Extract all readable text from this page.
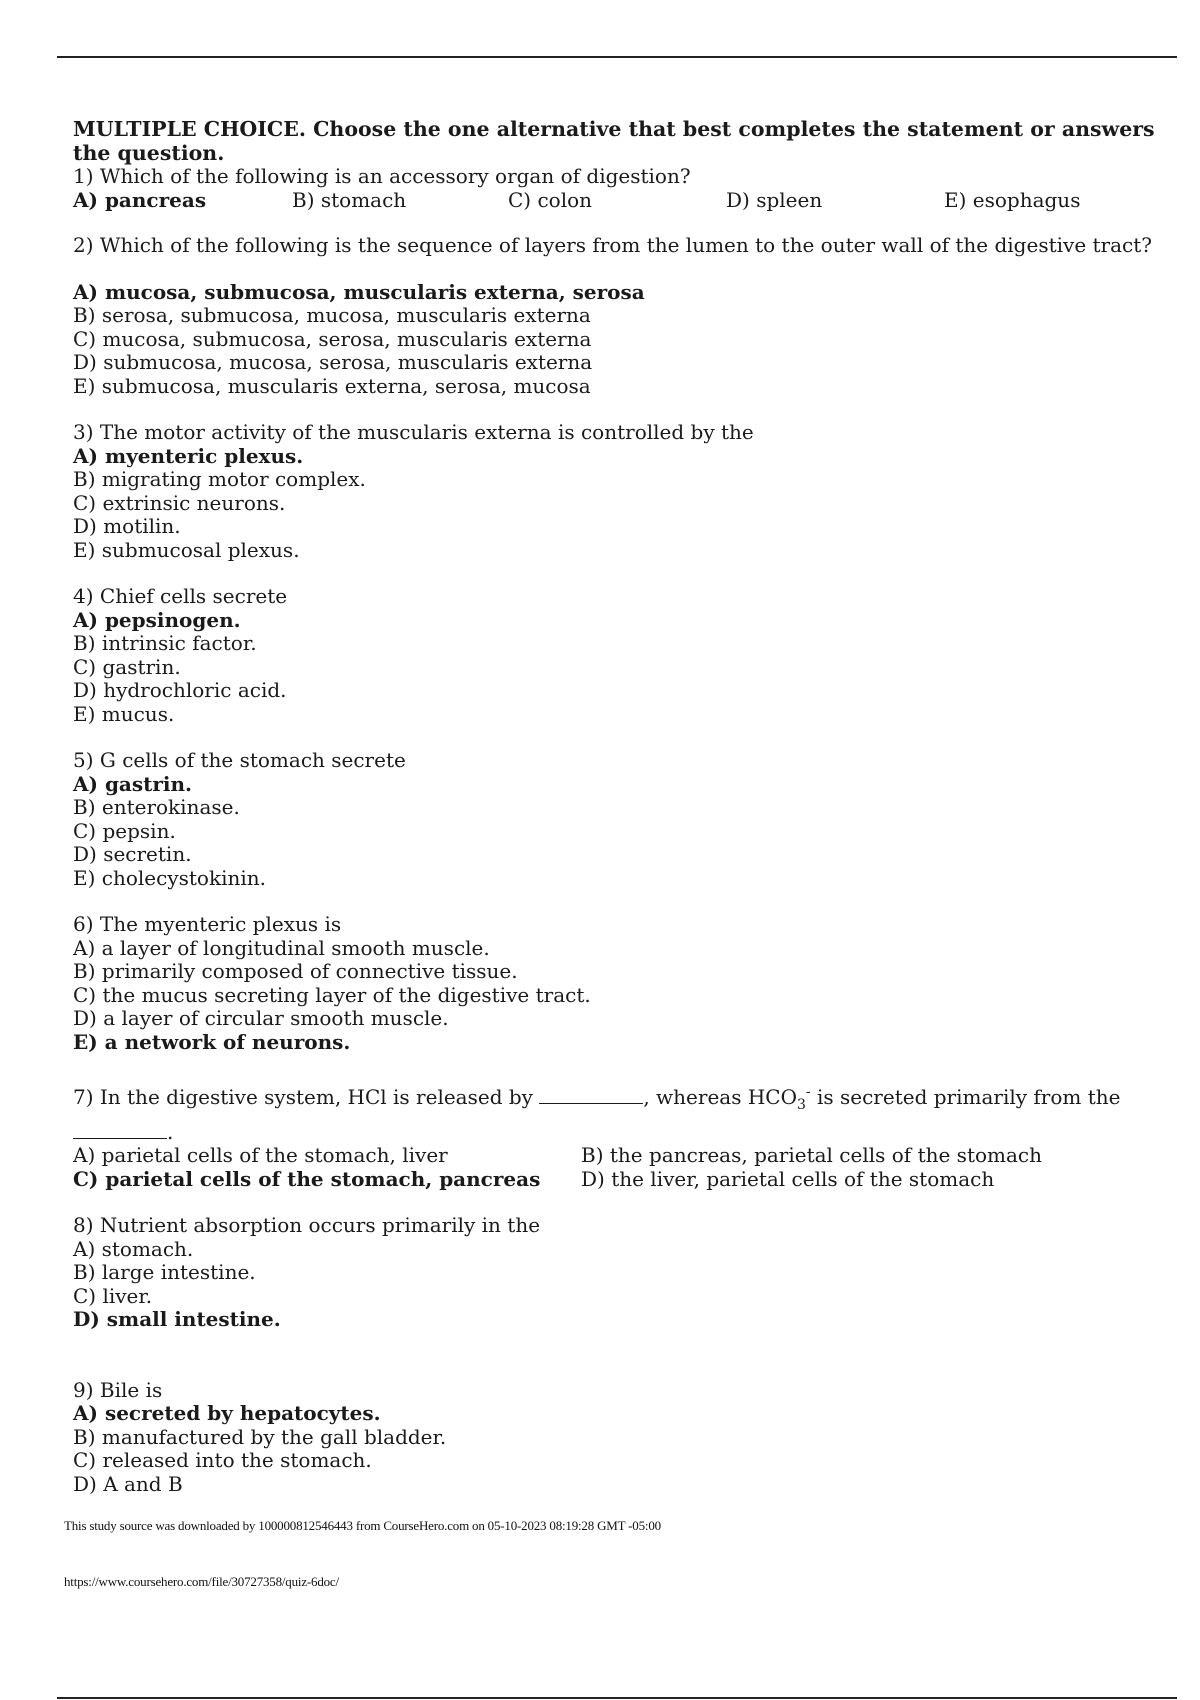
MULTIPLE CHOICE. Choose the one alternative that best completes the statement or answers the question.

1) Which of the following is an accessory organ of digestion?

A) pancreas	B) stomach	C) colon	D) spleen	E) esophagus

2) Which of the following is the sequence of layers from the lumen to the outer wall of the digestive tract?

A) mucosa, submucosa, muscularis externa, serosa
B) serosa, submucosa, mucosa, muscularis externa
C) mucosa, submucosa, serosa, muscularis externa
D) submucosa, mucosa, serosa, muscularis externa
E) submucosa, muscularis externa, serosa, mucosa

3) The motor activity of the muscularis externa is controlled by the

A) myenteric plexus.
B) migrating motor complex.
C) extrinsic neurons.
D) motilin.
E) submucosal plexus.

4) Chief cells secrete

A) pepsinogen.
B) intrinsic factor.
C) gastrin.
D) hydrochloric acid.
E) mucus.

5) G cells of the stomach secrete

A) gastrin.
B) enterokinase.
C) pepsin.
D) secretin.
E) cholecystokinin.

6) The myenteric plexus is

A) a layer of longitudinal smooth muscle.
B) primarily composed of connective tissue.
C) the mucus secreting layer of the digestive tract.
D) a layer of circular smooth muscle.
E) a network of neurons.

7) In the digestive system, HCl is released by	, whereas $HCO_3^-$ is secreted primarily from the

.

A) parietal cells of the stomach, liver	B) the pancreas, parietal cells of the stomach
C) parietal cells of the stomach, pancreas	D) the liver, parietal cells of the stomach

8) Nutrient absorption occurs primarily in the

A) stomach.
B) large intestine.
C) liver.
D) small intestine.

9) Bile is

A) secreted by hepatocytes.
B) manufactured by the gall bladder.
C) released into the stomach.
D) A and B
This study source was downloaded by 100000812546443 from CourseHero.com on 05-10-2023 08:19:28 GMT -05:00
https://www.coursehero.com/file/30727358/quiz-6doc/
